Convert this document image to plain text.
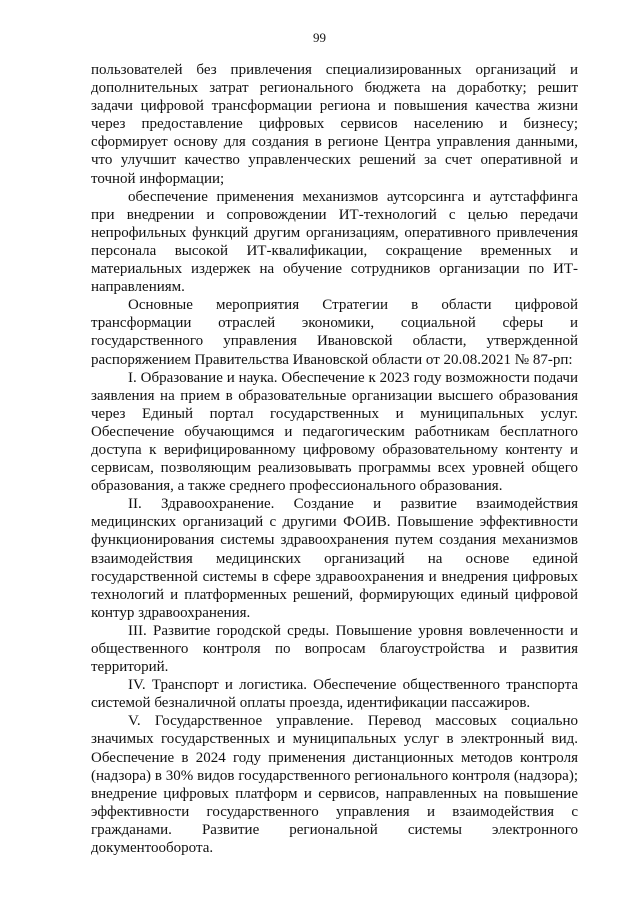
99

пользователей без привлечения специализированных организаций и дополнительных затрат регионального бюджета на доработку; решит задачи цифровой трансформации региона и повышения качества жизни через предоставление цифровых сервисов населению и бизнесу; сформирует основу для создания в регионе Центра управления данными, что улучшит качество управленческих решений за счет оперативной и точной информации;

обеспечение применения механизмов аутсорсинга и аутстаффинга при внедрении и сопровождении ИТ-технологий с целью передачи непрофильных функций другим организациям, оперативного привлечения персонала высокой ИТ-квалификации, сокращение временных и материальных издержек на обучение сотрудников организации по ИТ-направлениям.

Основные мероприятия Стратегии в области цифровой трансформации отраслей экономики, социальной сферы и государственного управления Ивановской области, утвержденной распоряжением Правительства Ивановской области от 20.08.2021 № 87-рп:

I. Образование и наука. Обеспечение к 2023 году возможности подачи заявления на прием в образовательные организации высшего образования через Единый портал государственных и муниципальных услуг. Обеспечение обучающимся и педагогическим работникам бесплатного доступа к верифицированному цифровому образовательному контенту и сервисам, позволяющим реализовывать программы всех уровней общего образования, а также среднего профессионального образования.

II. Здравоохранение. Создание и развитие взаимодействия медицинских организаций с другими ФОИВ. Повышение эффективности функционирования системы здравоохранения путем создания механизмов взаимодействия медицинских организаций на основе единой государственной системы в сфере здравоохранения и внедрения цифровых технологий и платформенных решений, формирующих единый цифровой контур здравоохранения.

III. Развитие городской среды. Повышение уровня вовлеченности и общественного контроля по вопросам благоустройства и развития территорий.

IV. Транспорт и логистика. Обеспечение общественного транспорта системой безналичной оплаты проезда, идентификации пассажиров.

V. Государственное управление. Перевод массовых социально значимых государственных и муниципальных услуг в электронный вид. Обеспечение в 2024 году применения дистанционных методов контроля (надзора) в 30% видов государственного регионального контроля (надзора); внедрение цифровых платформ и сервисов, направленных на повышение эффективности государственного управления и взаимодействия с гражданами. Развитие региональной системы электронного документооборота.
